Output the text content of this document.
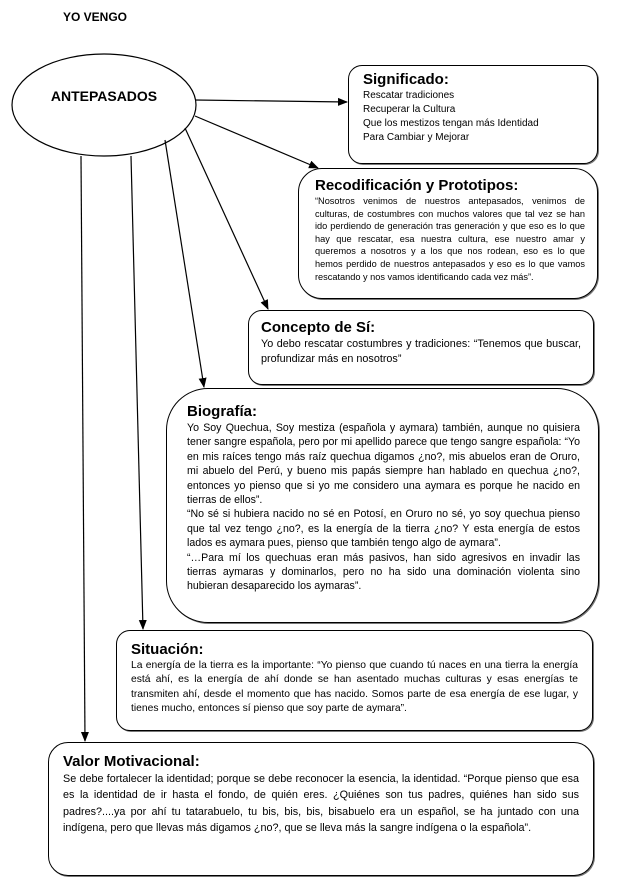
YO VENGO
ANTEPASADOS
Significado:
Rescatar tradiciones
Recuperar la Cultura
Que los mestizos tengan más Identidad
Para Cambiar y Mejorar
Recodificación y Prototipos:

“Nosotros venimos de nuestros antepasados, venimos de culturas, de costumbres con muchos valores que tal vez se han ido perdiendo de generación tras generación y que eso es lo que hay que rescatar, esa nuestra cultura, ese nuestro amar y queremos a nosotros y a los que nos rodean, eso es lo que hemos perdido de nuestros antepasados y eso es lo que vamos rescatando y nos vamos identificando cada vez más”.

Concepto de Sí:

Yo debo rescatar costumbres y tradiciones: “Tenemos que buscar, profundizar más en nosotros”

Biografía:

Yo Soy Quechua, Soy mestiza (española y aymara) también, aunque no quisiera tener sangre española, pero por mi apellido parece que tengo sangre española: “Yo en mis raíces tengo más raíz quechua digamos ¿no?, mis abuelos eran de Oruro, mi abuelo del Perú, y bueno mis papás siempre han hablado en quechua ¿no?, entonces yo pienso que si yo me considero una aymara es porque he nacido en tierras de ellos”.

“No sé si hubiera nacido no sé en Potosí, en Oruro no sé, yo soy quechua pienso que tal vez tengo ¿no?, es la energía de la tierra ¿no? Y esta energía de estos lados es aymara pues, pienso que también tengo algo de aymara”.

“…Para mí los quechuas eran más pasivos, han sido agresivos en invadir las tierras aymaras y dominarlos, pero no ha sido una dominación violenta sino hubieran desaparecido los aymaras”.

Situación:

La energía de la tierra es la importante: “Yo pienso que cuando tú naces en una tierra la energía está ahí, es la energía de ahí donde se han asentado muchas culturas y esas energías te transmiten ahí, desde el momento que has nacido. Somos parte de esa energía de ese lugar, y tienes mucho, entonces sí pienso que soy parte de aymara”.

Valor Motivacional:

Se debe fortalecer la identidad; porque se debe reconocer la esencia, la identidad. “Porque pienso que esa es la identidad de ir hasta el fondo, de quién eres. ¿Quiénes son tus padres, quiénes han sido sus padres?....ya por ahí tu tatarabuelo, tu bis, bis, bis, bisabuelo era un español, se ha juntado con una indígena, pero que llevas más digamos ¿no?, que se lleva más la sangre indígena o la española”.
